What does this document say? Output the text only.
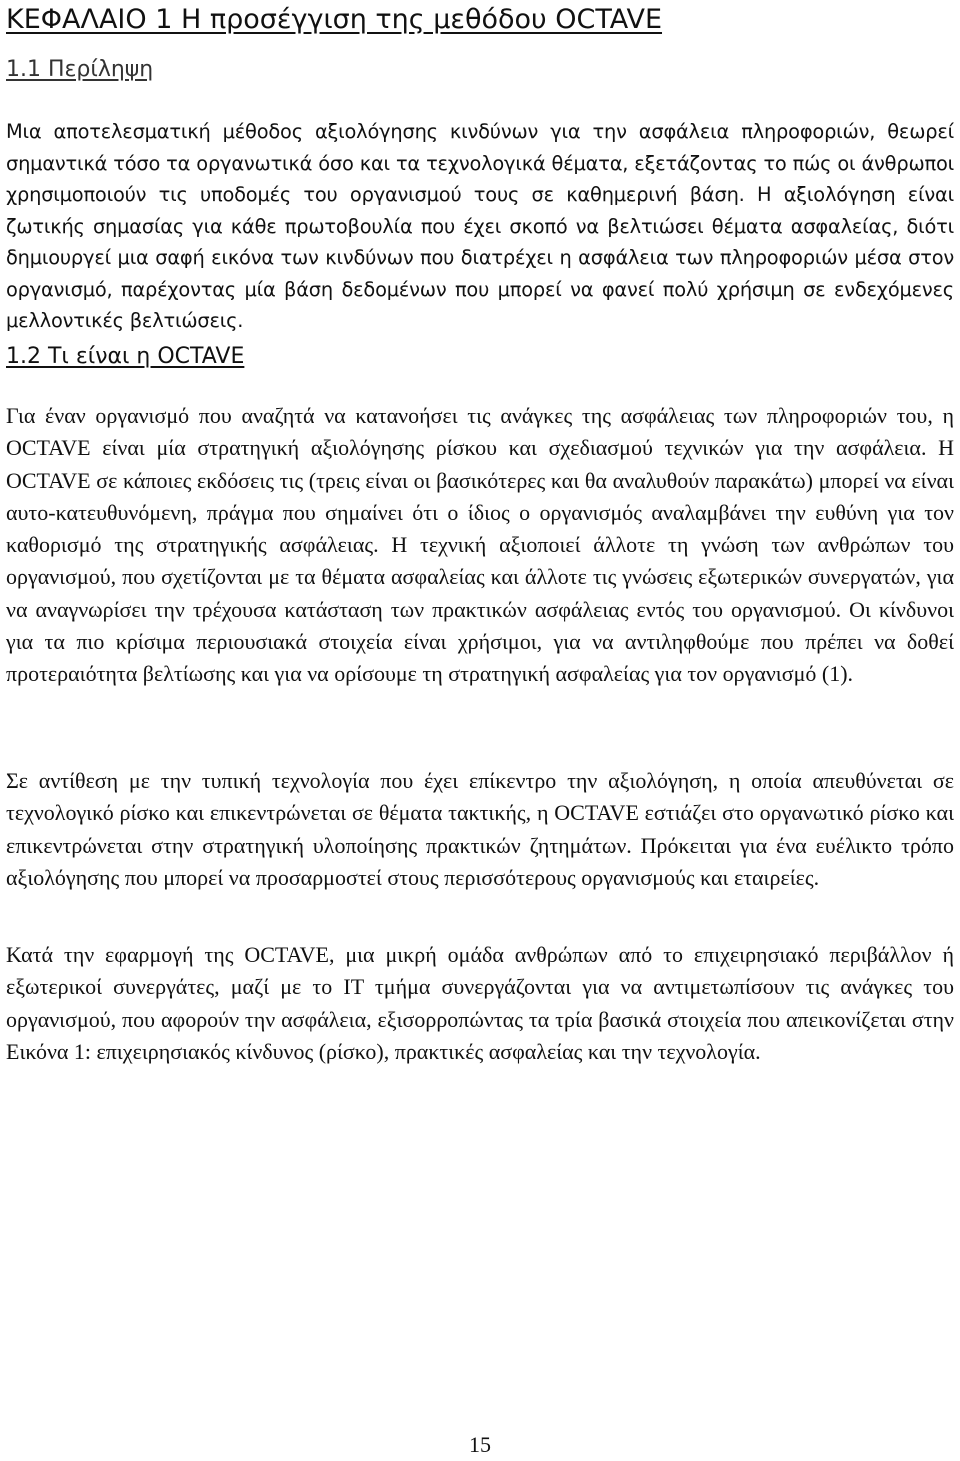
ΚΕΦΑΛΑΙΟ 1 Η προσέγγιση της μεθόδου OCTAVE
1.1 Περίληψη

Μια αποτελεσματική μέθοδος αξιολόγησης κινδύνων για την ασφάλεια πληροφοριών, θεωρεί σημαντικά τόσο τα οργανωτικά όσο και τα τεχνολογικά θέματα, εξετάζοντας το πώς οι άνθρωποι χρησιμοποιούν τις υποδομές του οργανισμού τους σε καθημερινή βάση. Η αξιολόγηση είναι ζωτικής σημασίας για κάθε πρωτοβουλία που έχει σκοπό να βελτιώσει θέματα ασφαλείας, διότι δημιουργεί μια σαφή εικόνα των κινδύνων που διατρέχει η ασφάλεια των πληροφοριών μέσα στον οργανισμό, παρέχοντας μία βάση δεδομένων που μπορεί να φανεί πολύ χρήσιμη σε ενδεχόμενες μελλοντικές βελτιώσεις.

1.2 Τι είναι η OCTAVE

Για έναν οργανισμό που αναζητά να κατανοήσει τις ανάγκες της ασφάλειας των πληροφοριών του, η OCTAVE είναι μία στρατηγική αξιολόγησης ρίσκου και σχεδιασμού τεχνικών για την ασφάλεια. Η OCTAVE σε κάποιες εκδόσεις τις (τρεις είναι οι βασικότερες και θα αναλυθούν παρακάτω) μπορεί να είναι αυτο-κατευθυνόμενη, πράγμα που σημαίνει ότι ο ίδιος ο οργανισμός αναλαμβάνει την ευθύνη για τον καθορισμό της στρατηγικής ασφάλειας. Η τεχνική αξιοποιεί άλλοτε τη γνώση των ανθρώπων του οργανισμού, που σχετίζονται με τα θέματα ασφαλείας και άλλοτε τις γνώσεις εξωτερικών συνεργατών, για να αναγνωρίσει την τρέχουσα κατάσταση των πρακτικών ασφάλειας εντός του οργανισμού. Οι κίνδυνοι για τα πιο κρίσιμα περιουσιακά στοιχεία είναι χρήσιμοι, για να αντιληφθούμε που πρέπει να δοθεί προτεραιότητα βελτίωσης και για να ορίσουμε τη στρατηγική ασφαλείας για τον οργανισμό (1).

Σε αντίθεση με την τυπική τεχνολογία που έχει επίκεντρο την αξιολόγηση, η οποία απευθύνεται σε τεχνολογικό ρίσκο και επικεντρώνεται σε θέματα τακτικής, η OCTAVE εστιάζει στο οργανωτικό ρίσκο και επικεντρώνεται στην στρατηγική υλοποίησης πρακτικών ζητημάτων. Πρόκειται για ένα ευέλικτο τρόπο αξιολόγησης που μπορεί να προσαρμοστεί στους περισσότερους οργανισμούς και εταιρείες.

Κατά την εφαρμογή της OCTAVE, μια μικρή ομάδα ανθρώπων από το επιχειρησιακό περιβάλλον ή εξωτερικοί συνεργάτες, μαζί με το IT τμήμα συνεργάζονται για να αντιμετωπίσουν τις ανάγκες του οργανισμού, που αφορούν την ασφάλεια, εξισορροπώντας τα τρία βασικά στοιχεία που απεικονίζεται στην Εικόνα 1: επιχειρησιακός κίνδυνος (ρίσκο), πρακτικές ασφαλείας και την τεχνολογία.

15
